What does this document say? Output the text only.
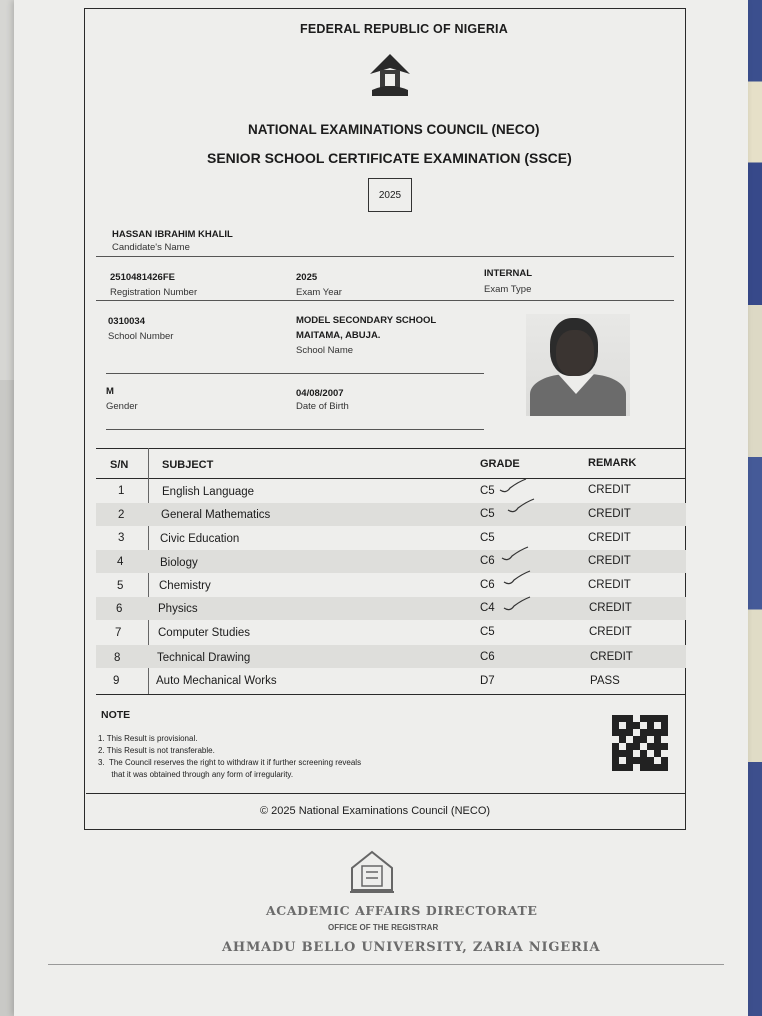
FEDERAL REPUBLIC OF NIGERIA
NATIONAL EXAMINATIONS COUNCIL (NECO)
SENIOR SCHOOL CERTIFICATE EXAMINATION (SSCE)
2025
HASSAN IBRAHIM KHALIL
Candidate's Name
2510481426FE
Registration Number
2025
Exam Year
INTERNAL
Exam Type
0310034
School Number
MODEL SECONDARY SCHOOL
MAITAMA, ABUJA.
School Name
M
Gender
04/08/2007
Date of Birth
S/N	SUBJECT	GRADE	REMARK
1	English Language	C5	CREDIT
2	General Mathematics	C5	CREDIT
3	Civic Education	C5	CREDIT
4	Biology	C6	CREDIT
5	Chemistry	C6	CREDIT
6	Physics	C4	CREDIT
7	Computer Studies	C5	CREDIT
8	Technical Drawing	C6	CREDIT
9	Auto Mechanical Works	D7	PASS
NOTE
1. This Result is provisional.
2. This Result is not transferable.
3.  The Council reserves the right to withdraw it if further screening reveals
that it was obtained through any form of irregularity.
© 2025 National Examinations Council (NECO)
ACADEMIC AFFAIRS DIRECTORATE
OFFICE OF THE REGISTRAR
AHMADU BELLO UNIVERSITY, ZARIA NIGERIA
